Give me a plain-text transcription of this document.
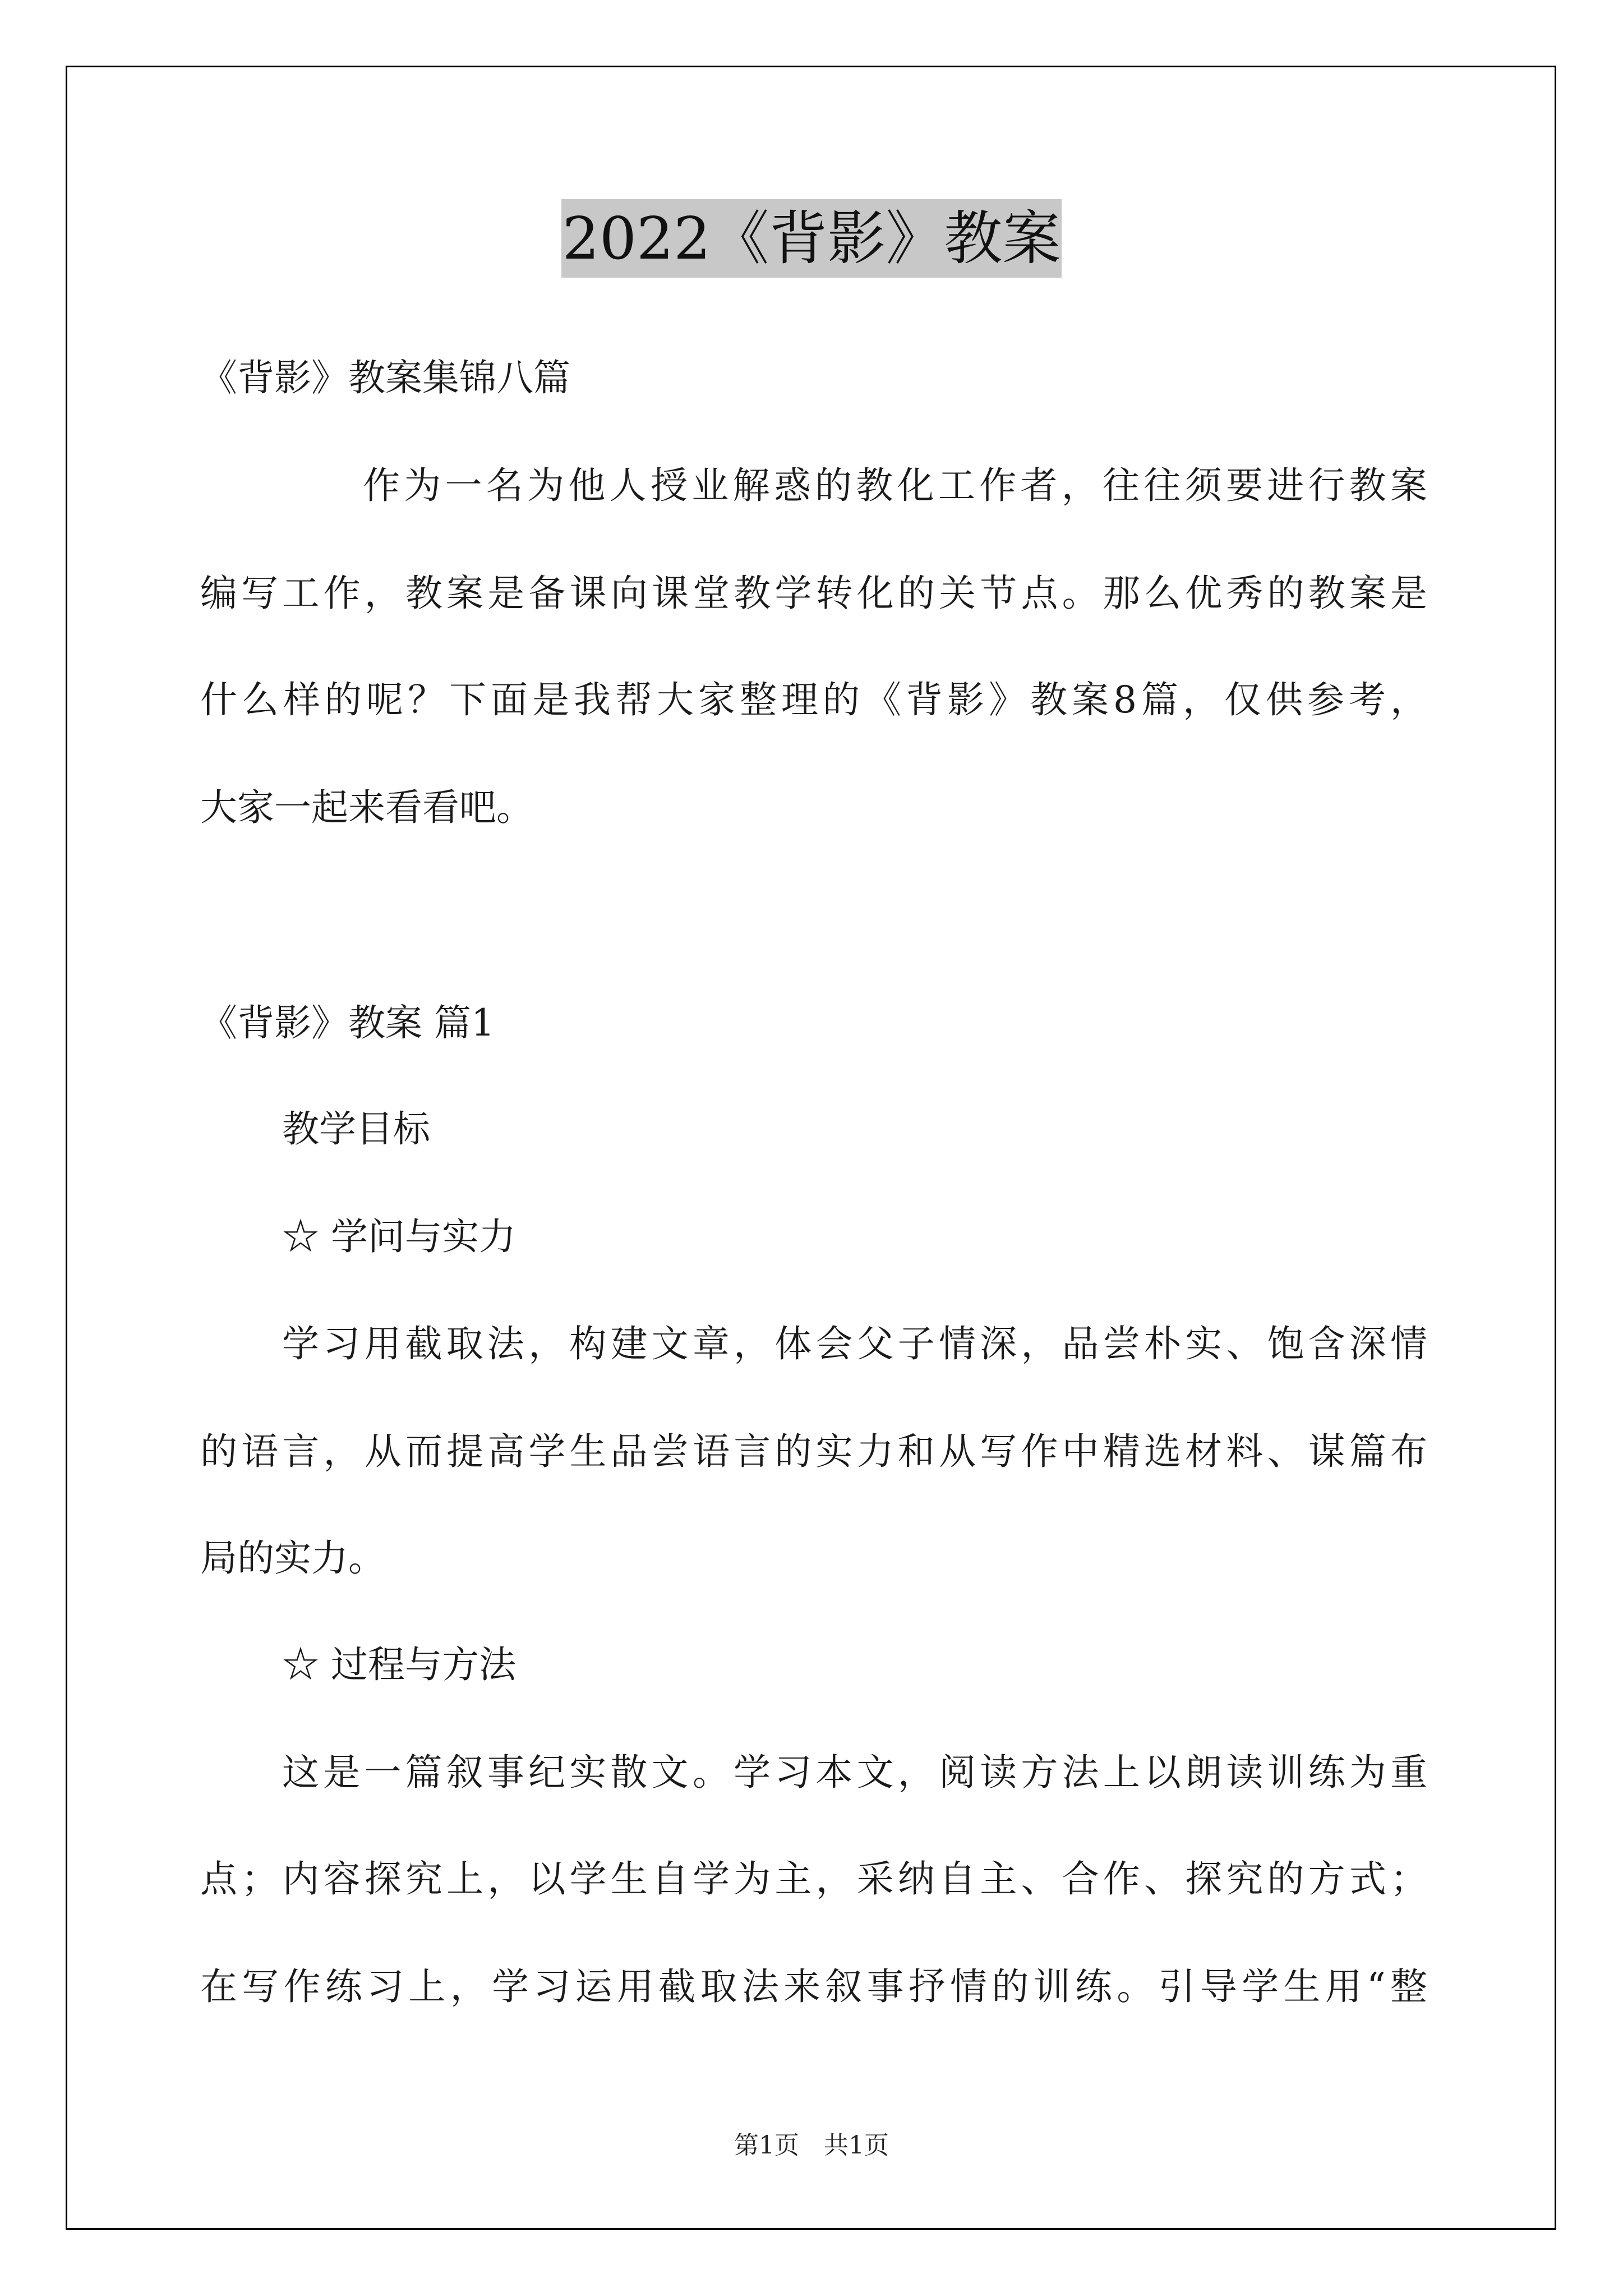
2022《背影》教案
《背影》教案集锦八篇
作为一名为他人授业解惑的教化工作者，往往须要进行教案
编写工作，教案是备课向课堂教学转化的关节点。那么优秀的教案是
什么样的呢？下面是我帮大家整理的《背影》教案8篇，仅供参考，
大家一起来看看吧。
《背影》教案 篇1
教学目标
☆ 学问与实力
学习用截取法，构建文章，体会父子情深，品尝朴实、饱含深情
的语言，从而提高学生品尝语言的实力和从写作中精选材料、谋篇布
局的实力。
☆ 过程与方法
这是一篇叙事纪实散文。学习本文，阅读方法上以朗读训练为重
点；内容探究上，以学生自学为主，采纳自主、合作、探究的方式；
在写作练习上，学习运用截取法来叙事抒情的训练。引导学生用“整
第1页　共1页
